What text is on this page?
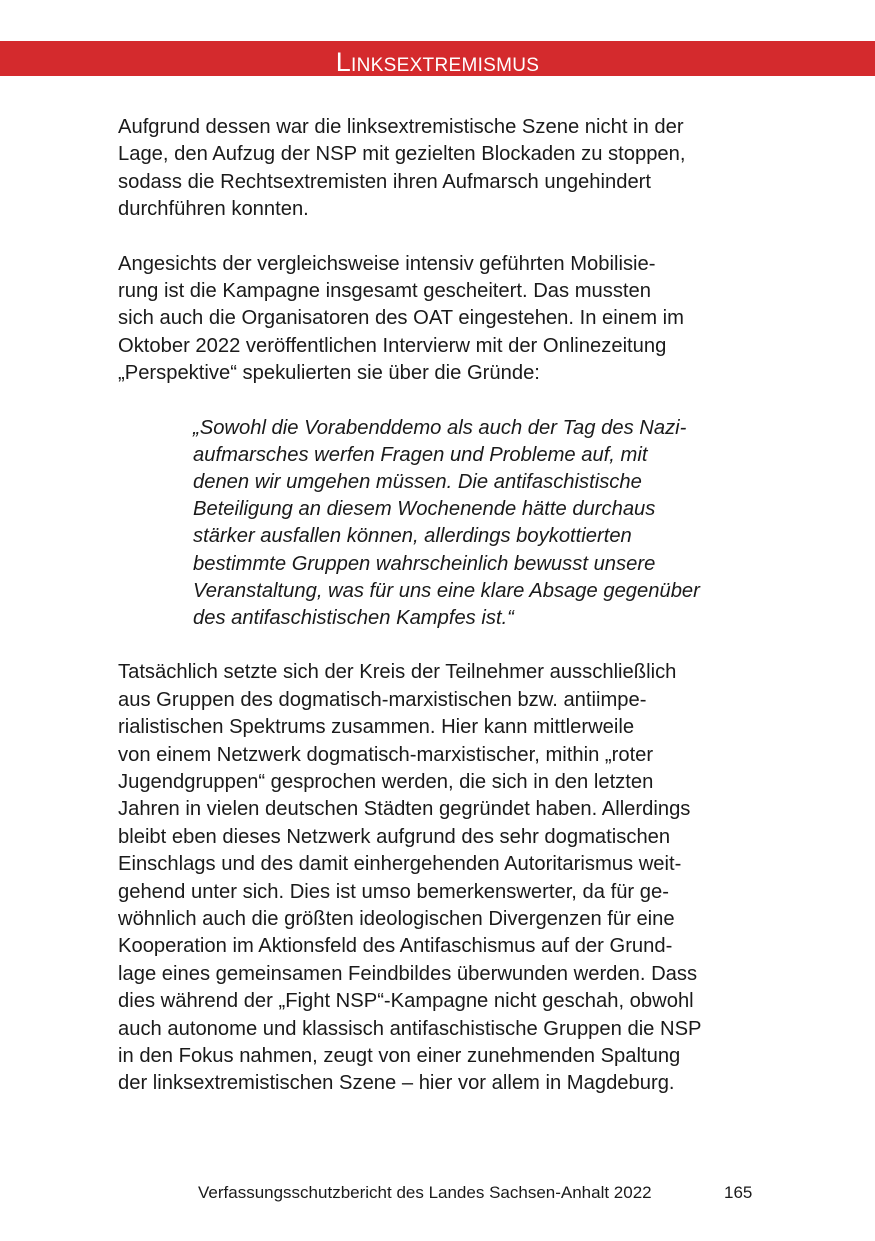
Linksextremismus

Aufgrund dessen war die linksextremistische Szene nicht in der
Lage, den Aufzug der NSP mit gezielten Blockaden zu stoppen,
sodass die Rechtsextremisten ihren Aufmarsch ungehindert
durchführen konnten.

Angesichts der vergleichsweise intensiv geführten Mobilisie-
rung ist die Kampagne insgesamt gescheitert. Das mussten
sich auch die Organisatoren des OAT eingestehen. In einem im
Oktober 2022 veröffentlichen Intervierw mit der Onlinezeitung
„Perspektive“ spekulierten sie über die Gründe:

„Sowohl die Vorabenddemo als auch der Tag des Nazi-
aufmarsches werfen Fragen und Probleme auf, mit
denen wir umgehen müssen. Die antifaschistische
Beteiligung an diesem Wochenende hätte durchaus
stärker ausfallen können, allerdings boykottierten
bestimmte Gruppen wahrscheinlich bewusst unsere
Veranstaltung, was für uns eine klare Absage gegenüber
des antifaschistischen Kampfes ist.“

Tatsächlich setzte sich der Kreis der Teilnehmer ausschließlich
aus Gruppen des dogmatisch-marxistischen bzw. antiimpe-
rialistischen Spektrums zusammen. Hier kann mittlerweile
von einem Netzwerk dogmatisch-marxistischer, mithin „roter
Jugendgruppen“ gesprochen werden, die sich in den letzten
Jahren in vielen deutschen Städten gegründet haben. Allerdings
bleibt eben dieses Netzwerk aufgrund des sehr dogmatischen
Einschlags und des damit einhergehenden Autoritarismus weit-
gehend unter sich. Dies ist umso bemerkenswerter, da für ge-
wöhnlich auch die größten ideologischen Divergenzen für eine
Kooperation im Aktionsfeld des Antifaschismus auf der Grund-
lage eines gemeinsamen Feindbildes überwunden werden. Dass
dies während der „Fight NSP“-Kampagne nicht geschah, obwohl
auch autonome und klassisch antifaschistische Gruppen die NSP
in den Fokus nahmen, zeugt von einer zunehmenden Spaltung
der linksextremistischen Szene – hier vor allem in Magdeburg.

Verfassungsschutzbericht des Landes Sachsen-Anhalt 2022	165
